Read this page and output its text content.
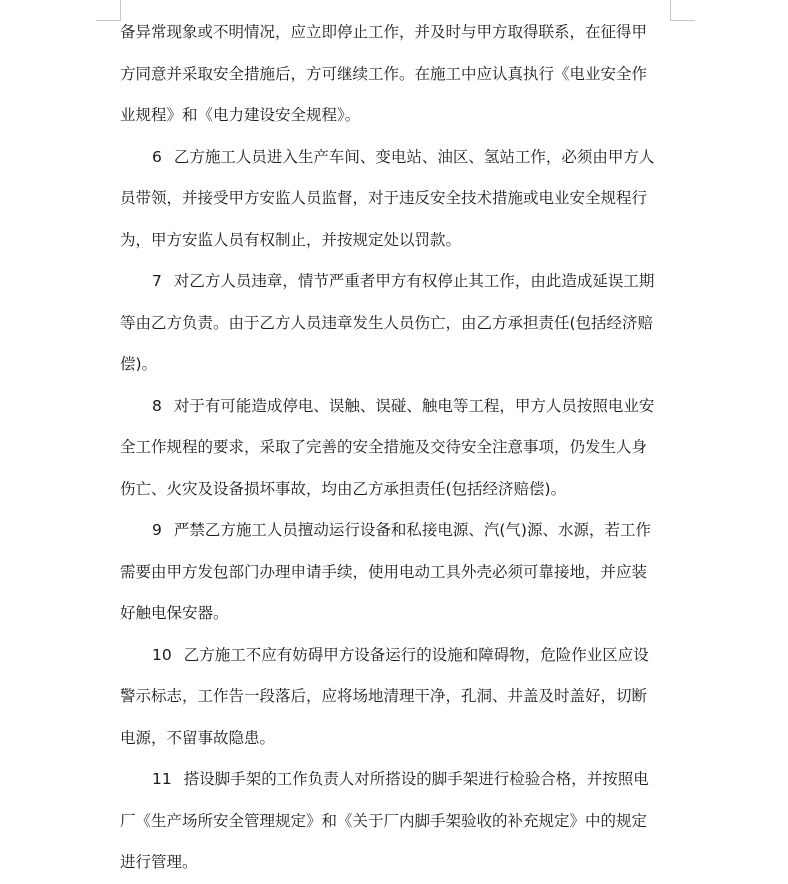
备异常现象或不明情况，应立即停止工作，并及时与甲方取得联系，在征得甲
方同意并采取安全措施后，方可继续工作。在施工中应认真执行《电业安全作
业规程》和《电力建设安全规程》。
6 乙方施工人员进入生产车间、变电站、油区、氢站工作，必须由甲方人
员带领，并接受甲方安监人员监督，对于违反安全技术措施或电业安全规程行
为，甲方安监人员有权制止，并按规定处以罚款。
7 对乙方人员违章，情节严重者甲方有权停止其工作，由此造成延误工期
等由乙方负责。由于乙方人员违章发生人员伤亡，由乙方承担责任(包括经济赔
偿)。
8 对于有可能造成停电、误触、误碰、触电等工程，甲方人员按照电业安
全工作规程的要求，采取了完善的安全措施及交待安全注意事项，仍发生人身
伤亡、火灾及设备损坏事故，均由乙方承担责任(包括经济赔偿)。
9 严禁乙方施工人员擅动运行设备和私接电源、汽(气)源、水源，若工作
需要由甲方发包部门办理申请手续，使用电动工具外壳必须可靠接地，并应装
好触电保安器。
10 乙方施工不应有妨碍甲方设备运行的设施和障碍物，危险作业区应设
警示标志，工作告一段落后，应将场地清理干净，孔洞、井盖及时盖好，切断
电源，不留事故隐患。
11 搭设脚手架的工作负责人对所搭设的脚手架进行检验合格，并按照电
厂《生产场所安全管理规定》和《关于厂内脚手架验收的补充规定》中的规定
进行管理。
